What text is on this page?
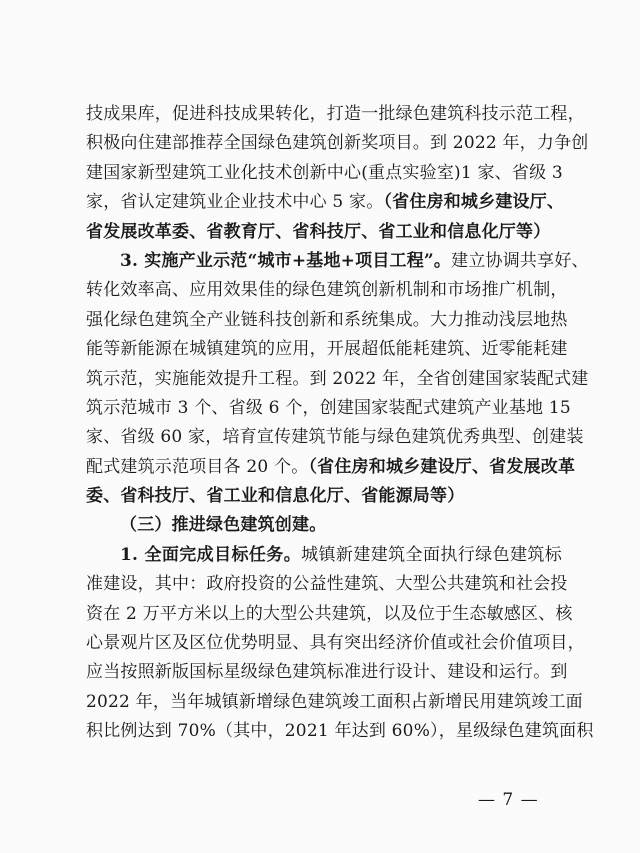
技成果库，促进科技成果转化，打造一批绿色建筑科技示范工程，
积极向住建部推荐全国绿色建筑创新奖项目。到 2022 年，力争创
建国家新型建筑工业化技术创新中心(重点实验室)1 家、省级 3
家，省认定建筑业企业技术中心 5 家。（省住房和城乡建设厅、
省发展改革委、省教育厅、省科技厅、省工业和信息化厅等）
3. 实施产业示范“城市+基地+项目工程”。建立协调共享好、
转化效率高、应用效果佳的绿色建筑创新机制和市场推广机制，
强化绿色建筑全产业链科技创新和系统集成。大力推动浅层地热
能等新能源在城镇建筑的应用，开展超低能耗建筑、近零能耗建
筑示范，实施能效提升工程。到 2022 年，全省创建国家装配式建
筑示范城市 3 个、省级 6 个，创建国家装配式建筑产业基地 15
家、省级 60 家，培育宣传建筑节能与绿色建筑优秀典型、创建装
配式建筑示范项目各 20 个。（省住房和城乡建设厅、省发展改革
委、省科技厅、省工业和信息化厅、省能源局等）
（三）推进绿色建筑创建。
1. 全面完成目标任务。城镇新建建筑全面执行绿色建筑标
准建设，其中：政府投资的公益性建筑、大型公共建筑和社会投
资在 2 万平方米以上的大型公共建筑，以及位于生态敏感区、核
心景观片区及区位优势明显、具有突出经济价值或社会价值项目，
应当按照新版国标星级绿色建筑标准进行设计、建设和运行。到
2022 年，当年城镇新增绿色建筑竣工面积占新增民用建筑竣工面
积比例达到 70%（其中，2021 年达到 60%），星级绿色建筑面积
— 7 —
